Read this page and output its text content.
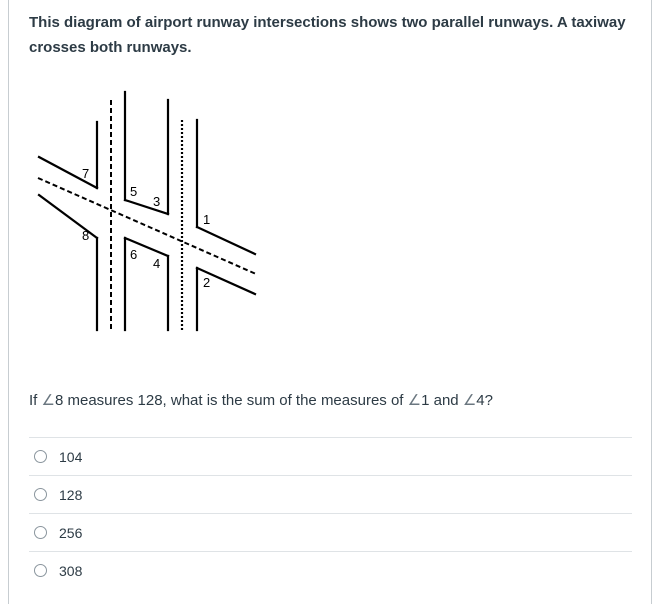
This diagram of airport runway intersections shows two parallel runways. A taxiway crosses both runways.
7
5
3
1
8
6
4
2
If ∠8 measures 128, what is the sum of the measures of ∠1 and ∠4?
104
128
256
308
